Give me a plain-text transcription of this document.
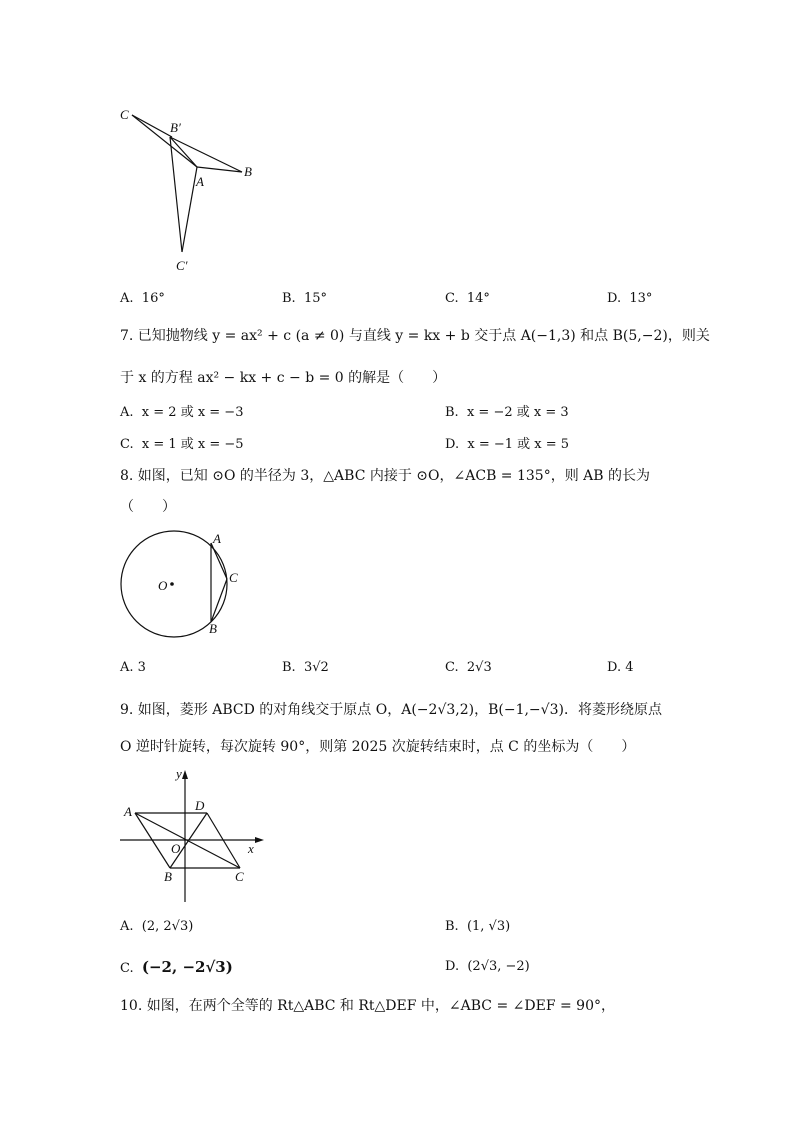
C
B′
A
B
C′
A. 16°	B. 15°	C. 14°	D. 13°
7. 已知抛物线 y = ax² + c (a ≠ 0) 与直线 y = kx + b 交于点 A(−1,3) 和点 B(5,−2)，则关
于 x 的方程 ax² − kx + c − b = 0 的解是（　　）
A. x = 2 或 x = −3	B. x = −2 或 x = 3
C. x = 1 或 x = −5	D. x = −1 或 x = 5
8. 如图，已知 ⊙O 的半径为 3，△ABC 内接于 ⊙O，∠ACB = 135°，则 AB 的长为
（　　）
O
A
C
B
A. 3	B. 3√2	C. 2√3	D. 4
9. 如图，菱形 ABCD 的对角线交于原点 O，A(−2√3,2)，B(−1,−√3)．将菱形绕原点
O 逆时针旋转，每次旋转 90°，则第 2025 次旋转结束时，点 C 的坐标为（　　）
y
x
A	D
O
B	C
A. (2, 2√3)	B. (1, √3)
C. (−2, −2√3)	D. (2√3, −2)
10. 如图，在两个全等的 Rt△ABC 和 Rt△DEF 中，∠ABC = ∠DEF = 90°，
